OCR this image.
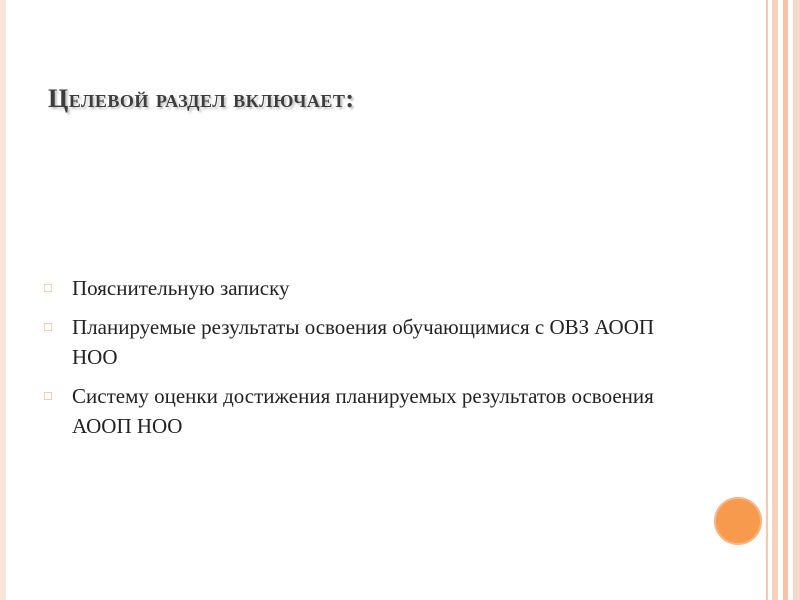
Целевой раздел включает:
□ Пояснительную записку
□ Планируемые результаты освоения обучающимися с ОВЗ АООП НОО
□ Систему оценки достижения планируемых результатов освоения АООП НОО
